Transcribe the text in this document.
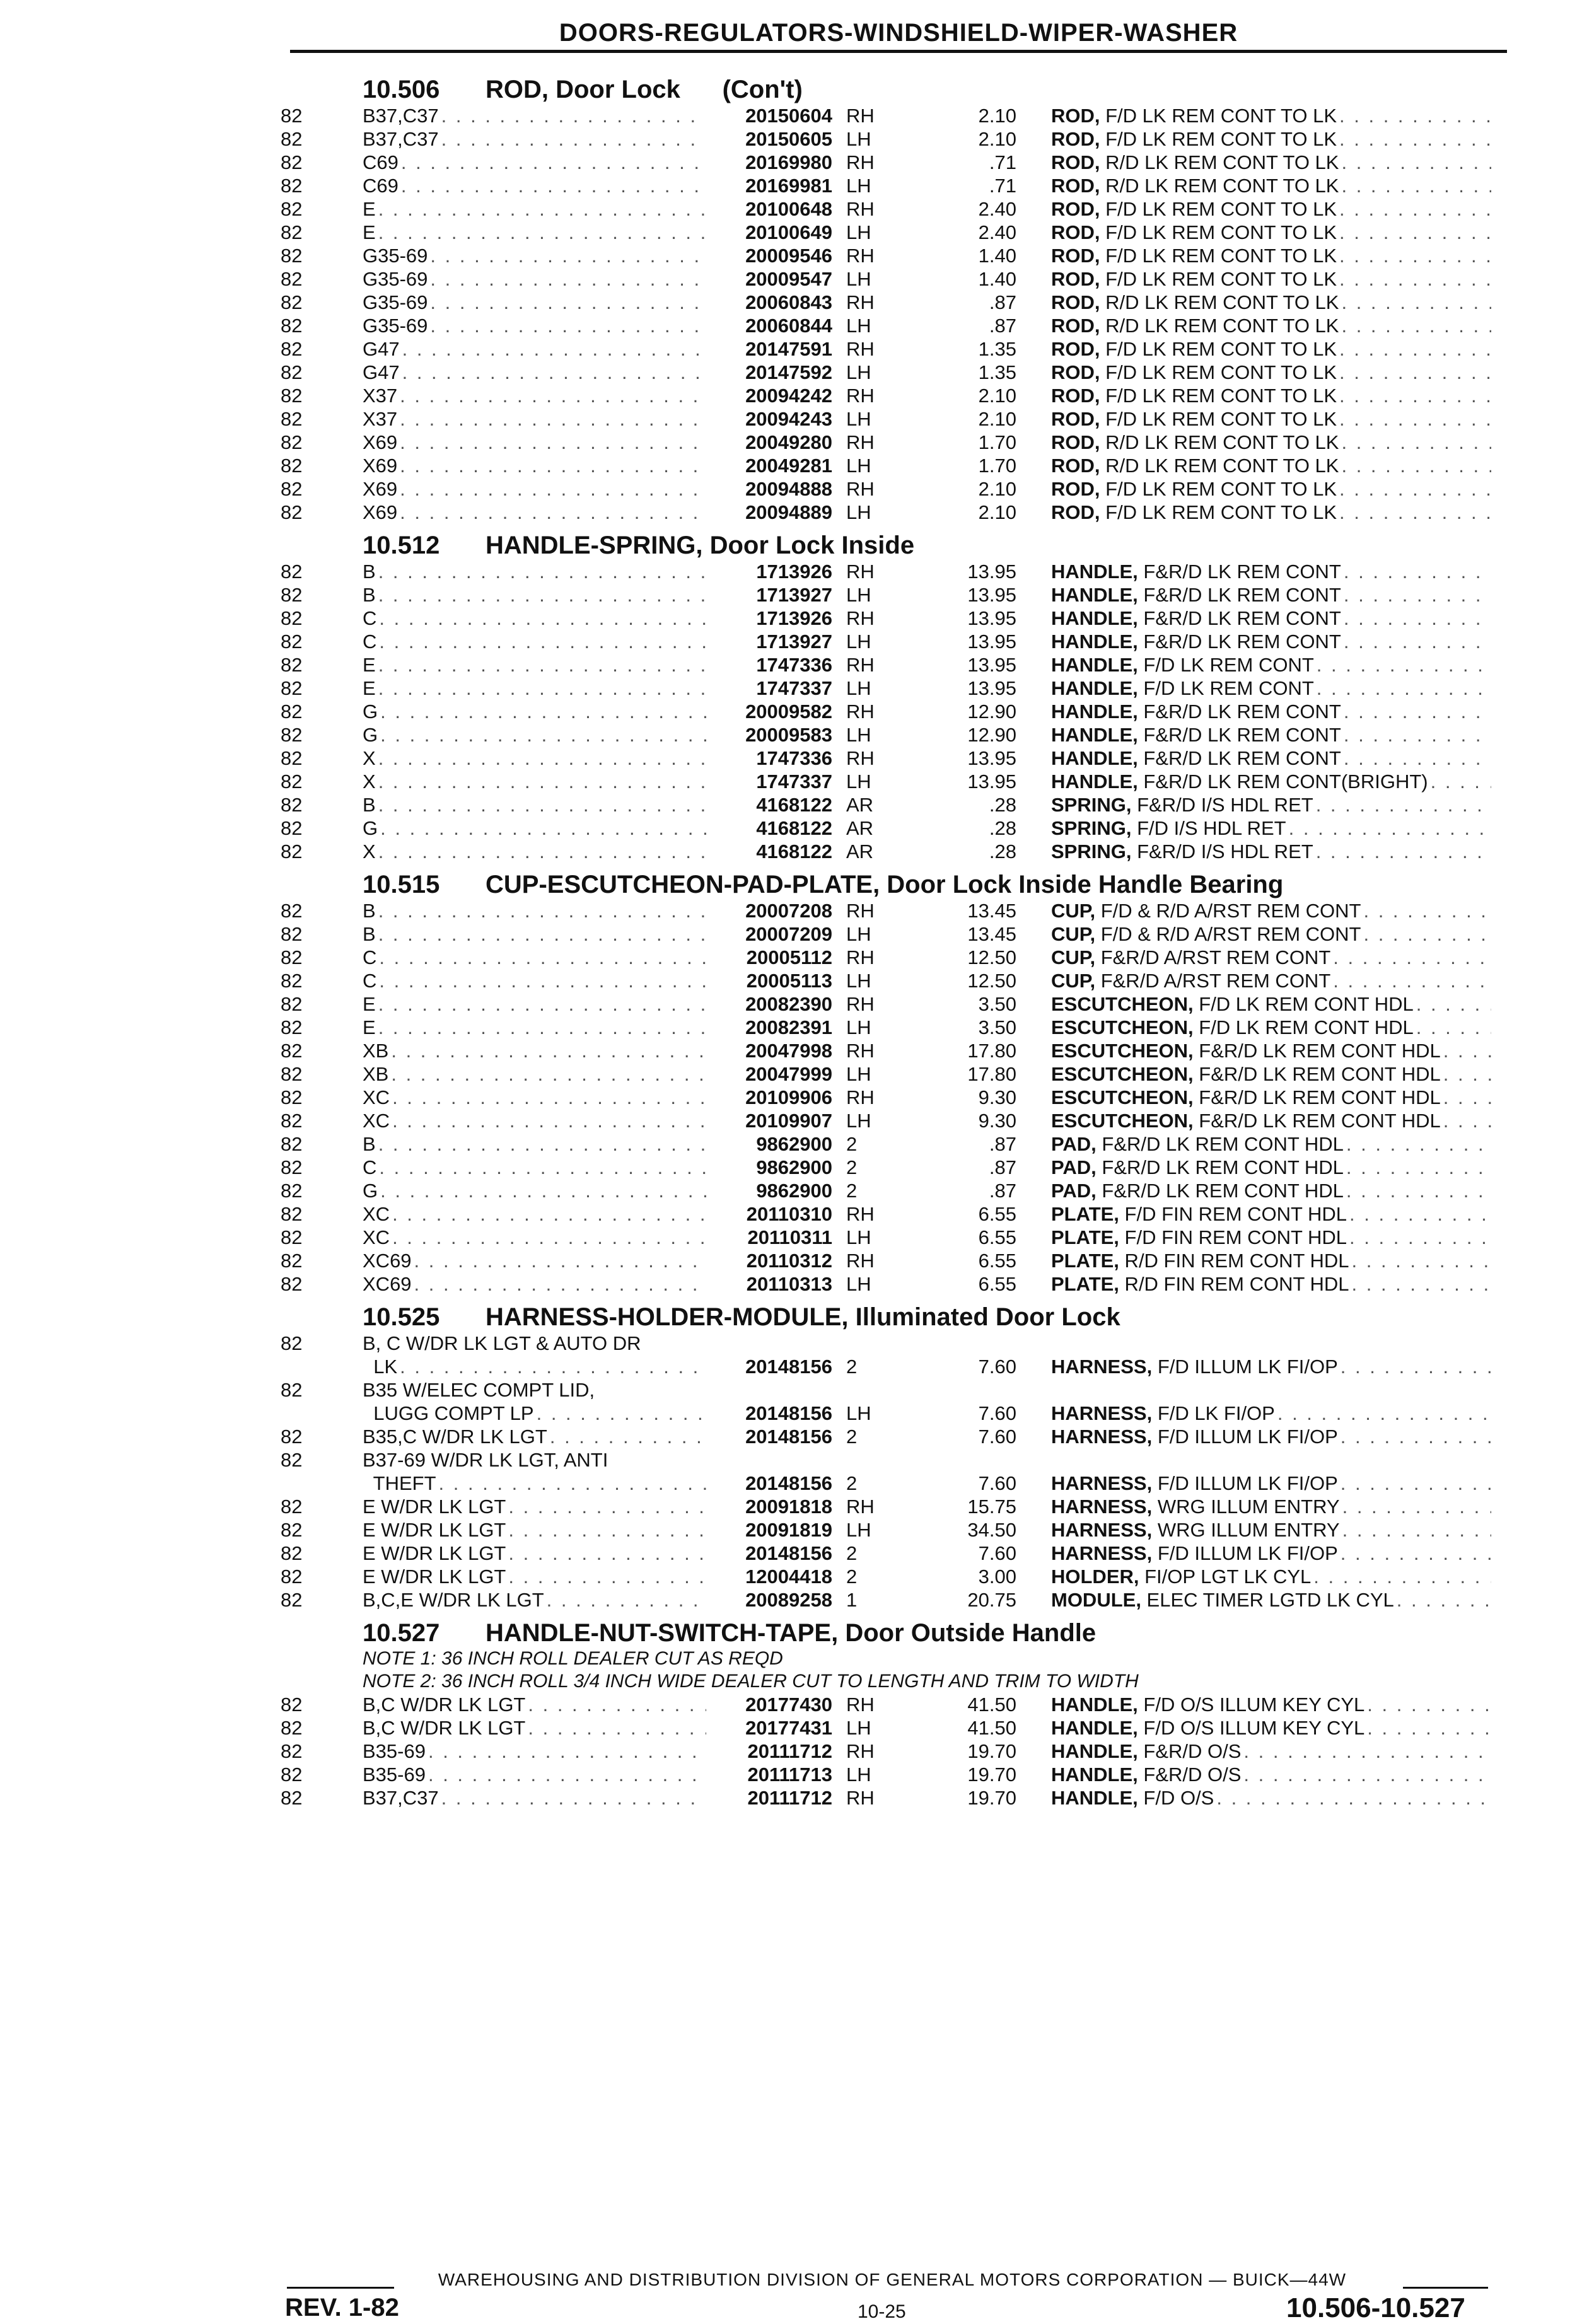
DOORS-REGULATORS-WINDSHIELD-WIPER-WASHER
10.506	ROD, Door Lock      (Con't)
82	B37,C37 . . .	20150604 RH	2.10	ROD, F/D LK REM CONT TO LK
. . .
82	B37,C37 . . .	20150605 LH	2.10	ROD, F/D LK REM CONT TO LK
. . .
82	C69 . . .	20169980 RH	.71	ROD, R/D LK REM CONT TO LK
. . .
82	C69 . . .	20169981 LH	.71	ROD, R/D LK REM CONT TO LK
. . .
82	E . . .	20100648 RH	2.40	ROD, F/D LK REM CONT TO LK
. . .
82	E . . .	20100649 LH	2.40	ROD, F/D LK REM CONT TO LK
. . .
82	G35-69 . . .	20009546 RH	1.40	ROD, F/D LK REM CONT TO LK
. . .
82	G35-69 . . .	20009547 LH	1.40	ROD, F/D LK REM CONT TO LK
. . .
82	G35-69 . . .	20060843 RH	.87	ROD, R/D LK REM CONT TO LK
. . .
82	G35-69 . . .	20060844 LH	.87	ROD, R/D LK REM CONT TO LK
. . .
82	G47 . . .	20147591 RH	1.35	ROD, F/D LK REM CONT TO LK
. . .
82	G47 . . .	20147592 LH	1.35	ROD, F/D LK REM CONT TO LK
. . .
82	X37 . . .	20094242 RH	2.10	ROD, F/D LK REM CONT TO LK
. . .
82	X37 . . .	20094243 LH	2.10	ROD, F/D LK REM CONT TO LK
. . .
82	X69 . . .	20049280 RH	1.70	ROD, R/D LK REM CONT TO LK
. . .
82	X69 . . .	20049281 LH	1.70	ROD, R/D LK REM CONT TO LK
. . .
82	X69 . . .	20094888 RH	2.10	ROD, F/D LK REM CONT TO LK
. . .
82	X69 . . .	20094889 LH	2.10	ROD, F/D LK REM CONT TO LK
. . .
10.512	HANDLE-SPRING, Door Lock Inside
82	B . . .	1713926 RH	13.95	HANDLE, F&R/D LK REM CONT
. . .
82	B . . .	1713927 LH	13.95	HANDLE, F&R/D LK REM CONT
. . .
82	C . . .	1713926 RH	13.95	HANDLE, F&R/D LK REM CONT
. . .
82	C . . .	1713927 LH	13.95	HANDLE, F&R/D LK REM CONT
. . .
82	E . . .	1747336 RH	13.95	HANDLE, F/D LK REM CONT
. . .
82	E . . .	1747337 LH	13.95	HANDLE, F/D LK REM CONT
. . .
82	G . . .	20009582 RH	12.90	HANDLE, F&R/D LK REM CONT
. . .
82	G . . .	20009583 LH	12.90	HANDLE, F&R/D LK REM CONT
. . .
82	X . . .	1747336 RH	13.95	HANDLE, F&R/D LK REM CONT
. . .
82	X . . .	1747337 LH	13.95	HANDLE, F&R/D LK REM CONT(BRIGHT)
. . .
82	B . . .	4168122 AR	.28	SPRING, F&R/D I/S HDL RET
. . .
82	G . . .	4168122 AR	.28	SPRING, F/D I/S HDL RET
. . .
82	X . . .	4168122 AR	.28	SPRING, F&R/D I/S HDL RET
. . .
10.515	CUP-ESCUTCHEON-PAD-PLATE, Door Lock Inside Handle Bearing
82	B . . .	20007208 RH	13.45	CUP, F/D & R/D A/RST REM CONT
. . .
82	B . . .	20007209 LH	13.45	CUP, F/D & R/D A/RST REM CONT
. . .
82	C . . .	20005112 RH	12.50	CUP, F&R/D A/RST REM CONT
. . .
82	C . . .	20005113 LH	12.50	CUP, F&R/D A/RST REM CONT
. . .
82	E . . .	20082390 RH	3.50	ESCUTCHEON, F/D LK REM CONT HDL
. . .
82	E . . .	20082391 LH	3.50	ESCUTCHEON, F/D LK REM CONT HDL
. . .
82	XB . . .	20047998 RH	17.80	ESCUTCHEON, F&R/D LK REM CONT HDL
. . .
82	XB . . .	20047999 LH	17.80	ESCUTCHEON, F&R/D LK REM CONT HDL
. . .
82	XC . . .	20109906 RH	9.30	ESCUTCHEON, F&R/D LK REM CONT HDL
. . .
82	XC . . .	20109907 LH	9.30	ESCUTCHEON, F&R/D LK REM CONT HDL
. . .
82	B . . .	9862900 2	.87	PAD, F&R/D LK REM CONT HDL
. . .
82	C . . .	9862900 2	.87	PAD, F&R/D LK REM CONT HDL
. . .
82	G . . .	9862900 2	.87	PAD, F&R/D LK REM CONT HDL
. . .
82	XC . . .	20110310 RH	6.55	PLATE, F/D FIN REM CONT HDL
. . .
82	XC . . .	20110311 LH	6.55	PLATE, F/D FIN REM CONT HDL
. . .
82	XC69 . . .	20110312 RH	6.55	PLATE, R/D FIN REM CONT HDL
. . .
82	XC69 . . .	20110313 LH	6.55	PLATE, R/D FIN REM CONT HDL
. . .
10.525	HARNESS-HOLDER-MODULE, Illuminated Door Lock
82	B, C W/DR LK LGT & AUTO DR
LK . . .	20148156 2	7.60	HARNESS, F/D ILLUM LK FI/OP
. . .
82	B35 W/ELEC COMPT LID,
LUGG COMPT LP . . .	20148156 LH	7.60	HARNESS, F/D LK FI/OP
. . .
82	B35,C W/DR LK LGT . . .	20148156 2	7.60	HARNESS, F/D ILLUM LK FI/OP
. . .
82	B37-69 W/DR LK LGT, ANTI
THEFT . . .	20148156 2	7.60	HARNESS, F/D ILLUM LK FI/OP
. . .
82	E W/DR LK LGT . . .	20091818 RH	15.75	HARNESS, WRG ILLUM ENTRY
. . .
82	E W/DR LK LGT . . .	20091819 LH	34.50	HARNESS, WRG ILLUM ENTRY
. . .
82	E W/DR LK LGT . . .	20148156 2	7.60	HARNESS, F/D ILLUM LK FI/OP
. . .
82	E W/DR LK LGT . . .	12004418 2	3.00	HOLDER, FI/OP LGT LK CYL
. . .
82	B,C,E W/DR LK LGT . . .	20089258 1	20.75	MODULE, ELEC TIMER LGTD LK CYL
. . .
10.527	HANDLE-NUT-SWITCH-TAPE, Door Outside Handle
NOTE 1: 36 INCH ROLL DEALER CUT AS REQD
NOTE 2: 36 INCH ROLL 3/4 INCH WIDE DEALER CUT TO LENGTH AND TRIM TO WIDTH
82	B,C W/DR LK LGT . . .	20177430 RH	41.50	HANDLE, F/D O/S ILLUM KEY CYL
. . .
82	B,C W/DR LK LGT . . .	20177431 LH	41.50	HANDLE, F/D O/S ILLUM KEY CYL
. . .
82	B35-69 . . .	20111712 RH	19.70	HANDLE, F&R/D O/S
. . .
82	B35-69 . . .	20111713 LH	19.70	HANDLE, F&R/D O/S
. . .
82	B37,C37 . . .	20111712 RH	19.70	HANDLE, F/D O/S
. . .
WAREHOUSING AND DISTRIBUTION DIVISION OF GENERAL MOTORS CORPORATION — BUICK—44W
REV. 1-82	10-25	10.506-10.527
